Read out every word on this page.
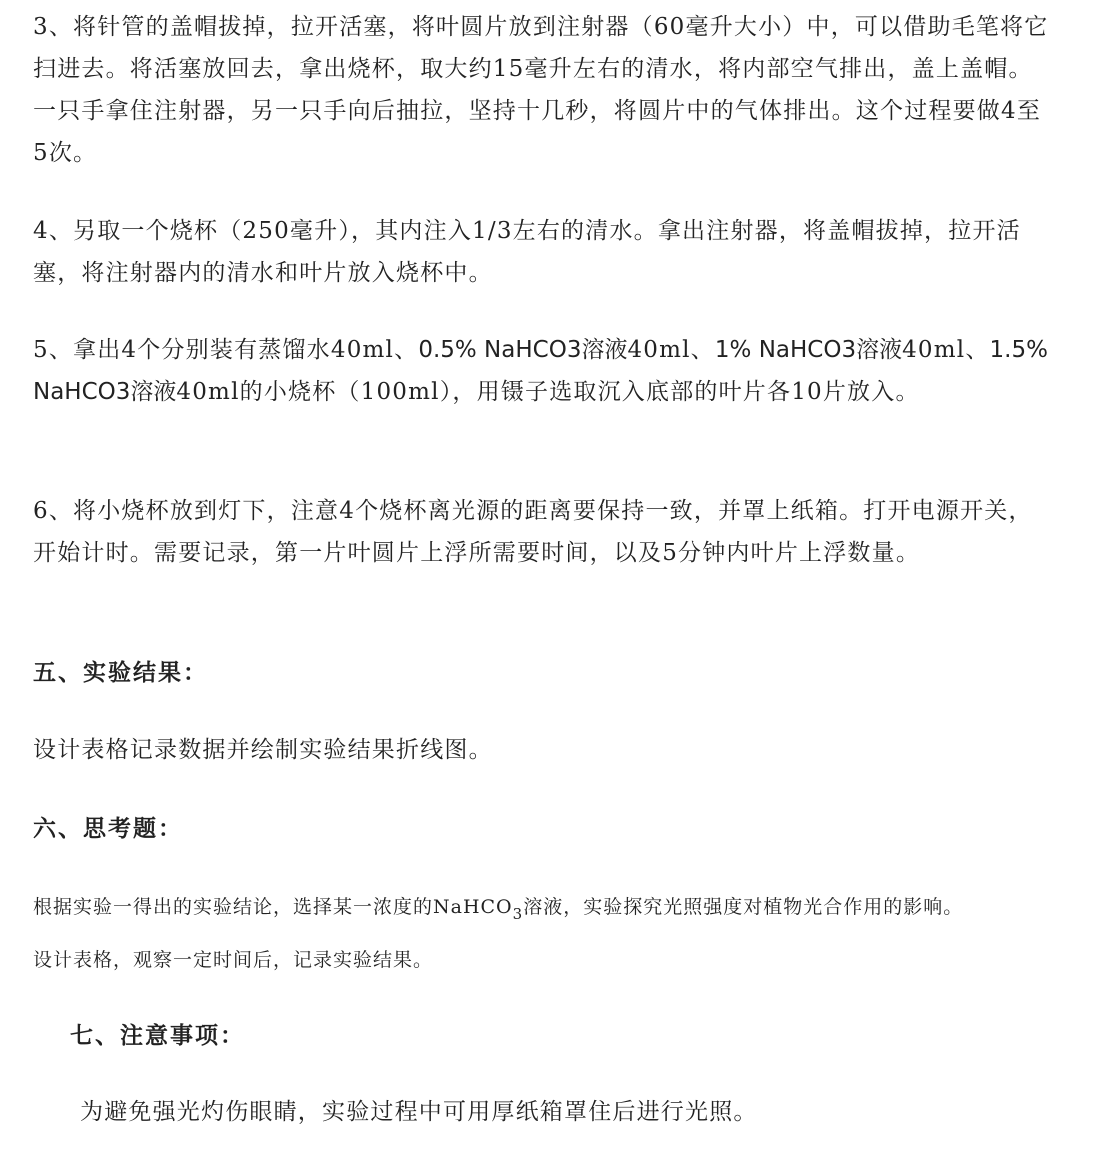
3、将针管的盖帽拔掉，拉开活塞，将叶圆片放到注射器（60毫升大小）中，可以借助毛笔将它扫进去。将活塞放回去，拿出烧杯，取大约15毫升左右的清水，将内部空气排出，盖上盖帽。一只手拿住注射器，另一只手向后抽拉，坚持十几秒，将圆片中的气体排出。这个过程要做4至5次。

4、另取一个烧杯（250毫升），其内注入1/3左右的清水。拿出注射器，将盖帽拔掉，拉开活塞，将注射器内的清水和叶片放入烧杯中。

5、拿出4个分别装有蒸馏水40ml、0.5% NaHCO3溶液40ml、1% NaHCO3溶液40ml、1.5% NaHCO3溶液40ml的小烧杯（100ml），用镊子选取沉入底部的叶片各10片放入。

6、将小烧杯放到灯下，注意4个烧杯离光源的距离要保持一致，并罩上纸箱。打开电源开关，开始计时。需要记录，第一片叶圆片上浮所需要时间，以及5分钟内叶片上浮数量。

五、实验结果：

设计表格记录数据并绘制实验结果折线图。

六、思考题：

根据实验一得出的实验结论，选择某一浓度的NaHCO$_3$溶液，实验探究光照强度对植物光合作用的影响。

设计表格，观察一定时间后，记录实验结果。

七、注意事项：

为避免强光灼伤眼睛，实验过程中可用厚纸箱罩住后进行光照。
